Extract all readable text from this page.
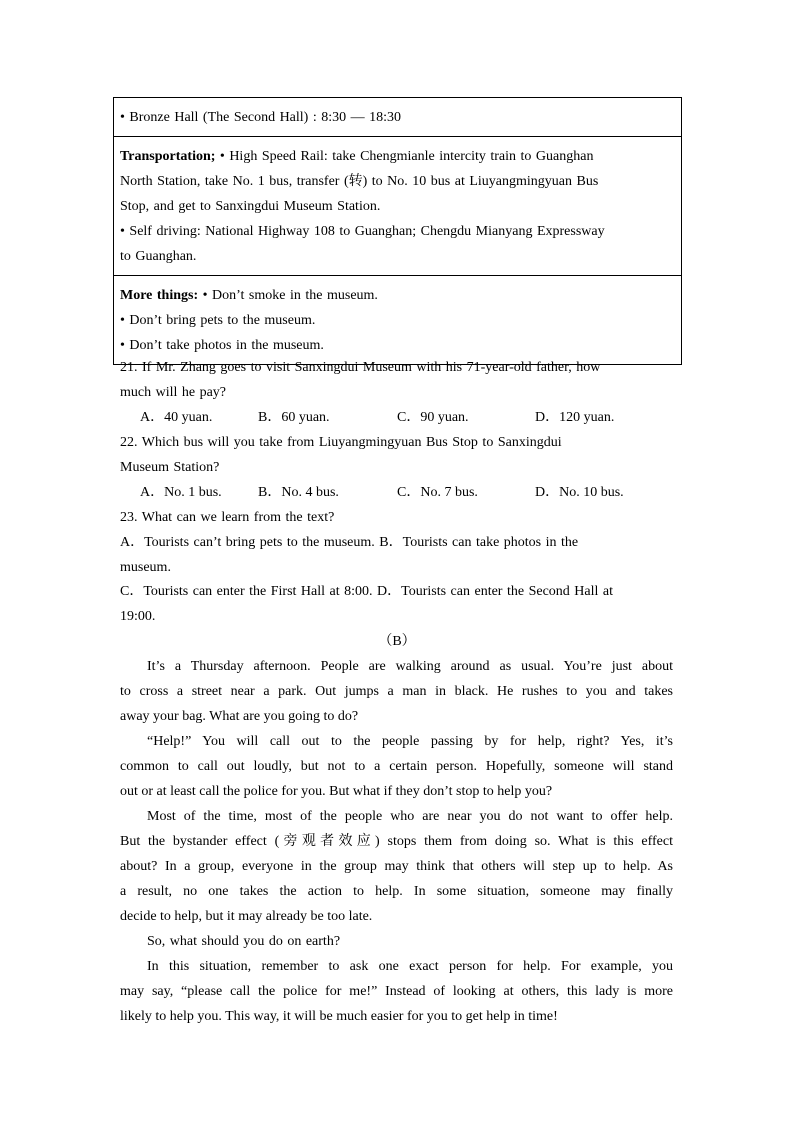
• Bronze Hall (The Second Hall) : 8:30 — 18:30
Transportation; • High Speed Rail: take Chengmianle intercity train to Guanghan
North Station, take No. 1 bus, transfer (转) to No. 10 bus at Liuyangmingyuan Bus
Stop, and get to Sanxingdui Museum Station.
• Self driving: National Highway 108 to Guanghan; Chengdu Mianyang Expressway
to Guanghan.
More things: • Don’t smoke in the museum.
• Don’t bring pets to the museum.
• Don’t take photos in the museum.
21. If Mr. Zhang goes to visit Sanxingdui Museum with his 71-year-old father, how
much will he pay?
A．40 yuan.	B．60 yuan.	C．90 yuan.	D．120 yuan.
22. Which bus will you take from Liuyangmingyuan Bus Stop to Sanxingdui
Museum Station?
A．No. 1 bus.	B．No. 4 bus.	C．No. 7 bus.	D．No. 10 bus.
23. What can we learn from the text?
A．Tourists can’t bring pets to the museum. B．Tourists can take photos in the
museum.
C．Tourists can enter the First Hall at 8:00. D．Tourists can enter the Second Hall at
19:00.
（B）
It’s a Thursday afternoon. People are walking around as usual. You’re just about
to cross a street near a park. Out jumps a man in black. He rushes to you and takes
away your bag. What are you going to do?
“Help!” You will call out to the people passing by for help, right? Yes, it’s
common to call out loudly, but not to a certain person. Hopefully, someone will stand
out or at least call the police for you. But what if they don’t stop to help you?
Most of the time, most of the people who are near you do not want to offer help.
But the bystander effect (旁观者效应) stops them from doing so. What is this effect
about? In a group, everyone in the group may think that others will step up to help. As
a result, no one takes the action to help. In some situation, someone may finally
decide to help, but it may already be too late.
So, what should you do on earth?
In this situation, remember to ask one exact person for help. For example, you
may say, “please call the police for me!” Instead of looking at others, this lady is more
likely to help you. This way, it will be much easier for you to get help in time!
